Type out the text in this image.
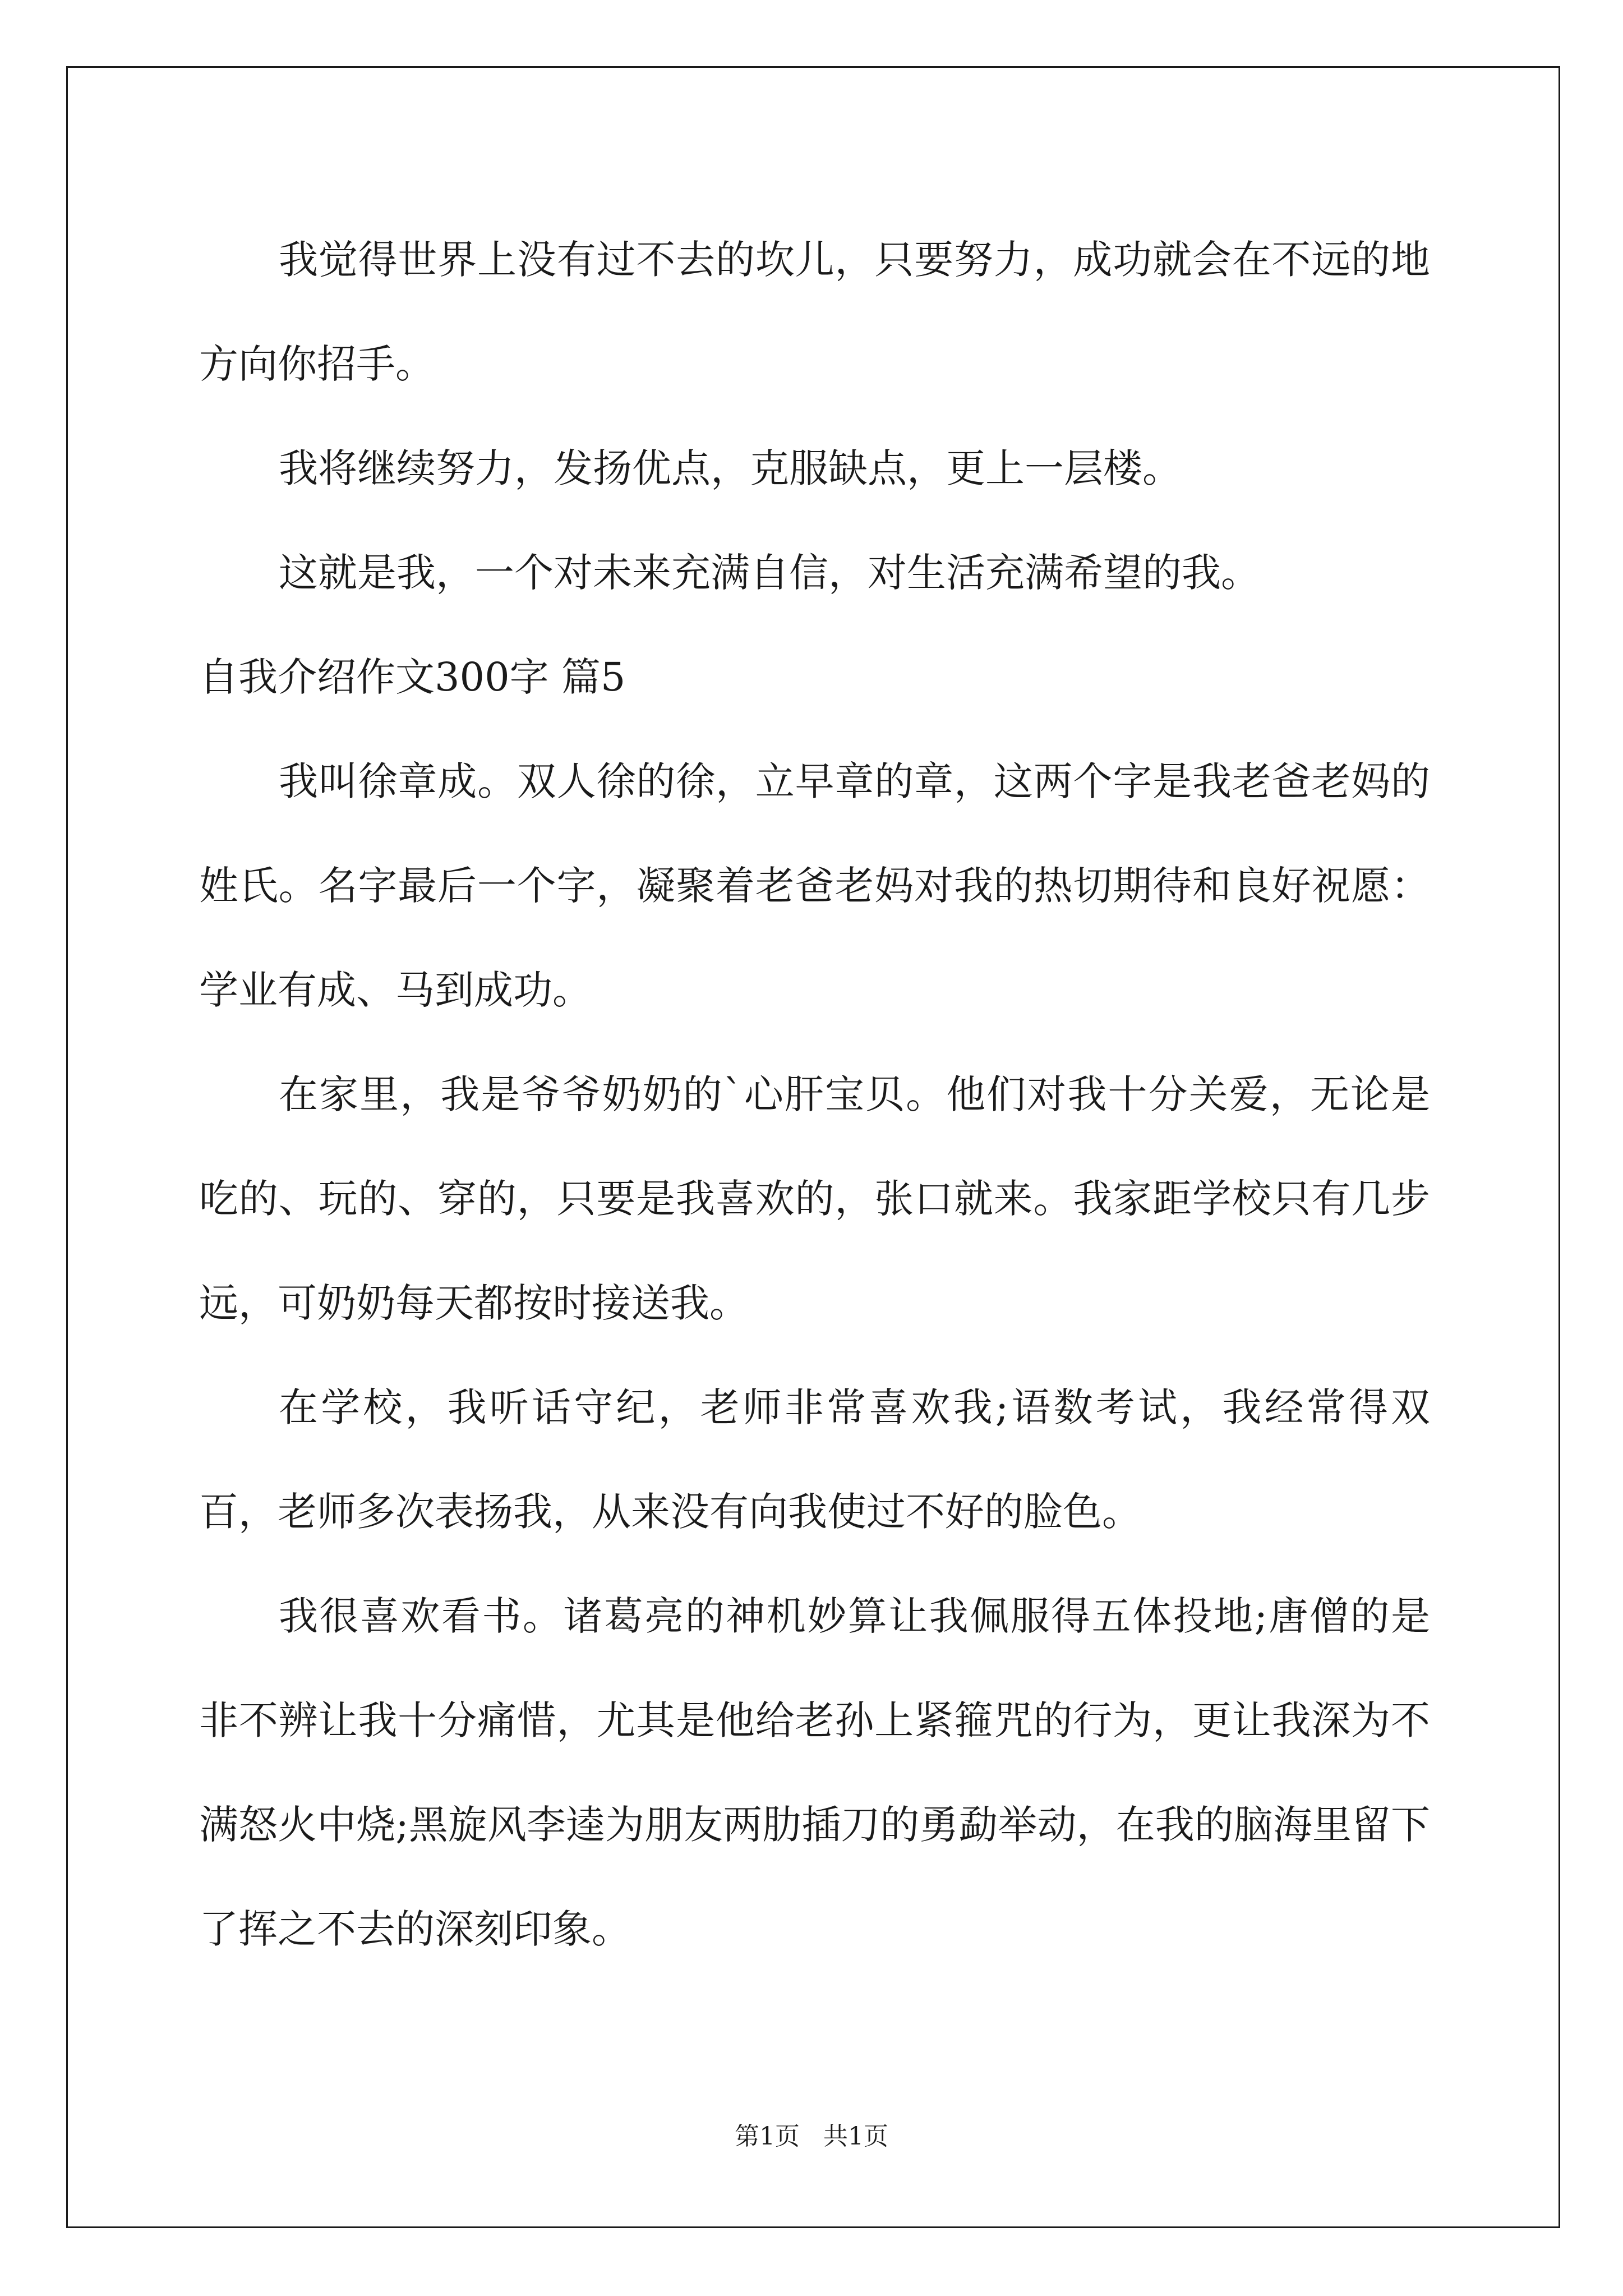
我觉得世界上没有过不去的坎儿，只要努力，成功就会在不远的地方向你招手。

我将继续努力，发扬优点，克服缺点，更上一层楼。

这就是我，一个对未来充满自信，对生活充满希望的我。

自我介绍作文300字 篇5

我叫徐章成。双人徐的徐，立早章的章，这两个字是我老爸老妈的姓氏。名字最后一个字，凝聚着老爸老妈对我的热切期待和良好祝愿：学业有成、马到成功。

在家里，我是爷爷奶奶的`心肝宝贝。他们对我十分关爱，无论是吃的、玩的、穿的，只要是我喜欢的，张口就来。我家距学校只有几步远，可奶奶每天都按时接送我。

在学校，我听话守纪，老师非常喜欢我;语数考试，我经常得双百，老师多次表扬我，从来没有向我使过不好的脸色。

我很喜欢看书。诸葛亮的神机妙算让我佩服得五体投地;唐僧的是非不辨让我十分痛惜，尤其是他给老孙上紧箍咒的行为，更让我深为不满怒火中烧;黑旋风李逵为朋友两肋插刀的勇勐举动，在我的脑海里留下了挥之不去的深刻印象。

第1页   共1页
